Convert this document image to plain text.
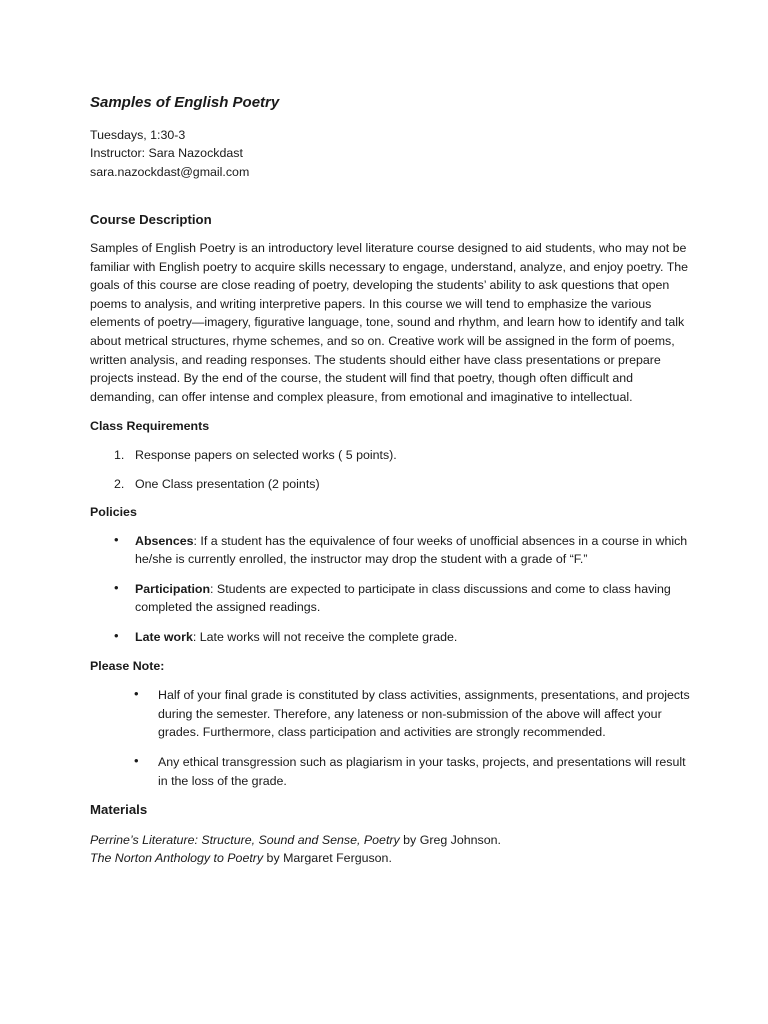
Samples of English Poetry
Tuesdays, 1:30-3
Instructor: Sara Nazockdast
sara.nazockdast@gmail.com
Course Description

Samples of English Poetry is an introductory level literature course designed to aid students, who may not be familiar with English poetry to acquire skills necessary to engage, understand, analyze, and enjoy poetry. The goals of this course are close reading of poetry, developing the students’ ability to ask questions that open poems to analysis, and writing interpretive papers. In this course we will tend to emphasize the various elements of poetry—imagery, figurative language, tone, sound and rhythm, and learn how to identify and talk about metrical structures, rhyme schemes, and so on. Creative work will be assigned in the form of poems, written analysis, and reading responses. The students should either have class presentations or prepare projects instead. By the end of the course, the student will find that poetry, though often difficult and demanding, can offer intense and complex pleasure, from emotional and imaginative to intellectual.

Class Requirements
1. Response papers on selected works ( 5 points).
2. One Class presentation (2 points)
Policies
• Absences: If a student has the equivalence of four weeks of unofficial absences in a course in which he/she is currently enrolled, the instructor may drop the student with a grade of “F.”
• Participation: Students are expected to participate in class discussions and come to class having completed the assigned readings.
• Late work: Late works will not receive the complete grade.
Please Note:
• Half of your final grade is constituted by class activities, assignments, presentations, and projects during the semester. Therefore, any lateness or non-submission of the above will affect your grades. Furthermore, class participation and activities are strongly recommended.
• Any ethical transgression such as plagiarism in your tasks, projects, and presentations will result in the loss of the grade.
Materials
Perrine’s Literature: Structure, Sound and Sense, Poetry by Greg Johnson.
The Norton Anthology to Poetry by Margaret Ferguson.
